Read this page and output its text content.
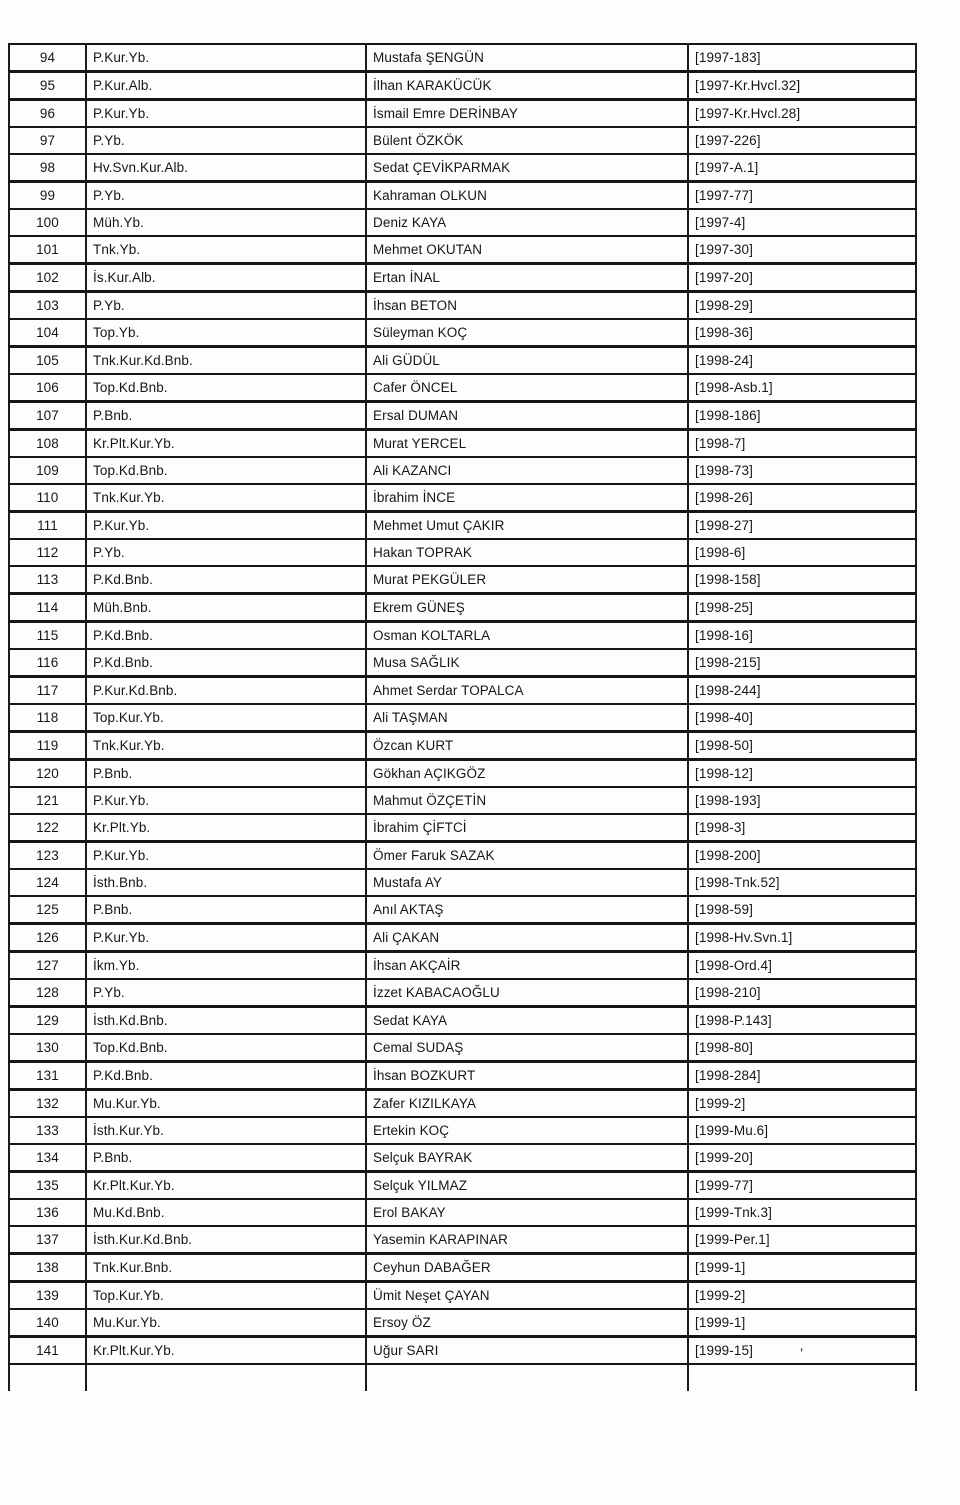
94	P.Kur.Yb.	Mustafa ŞENGÜN	[1997-183]
95	P.Kur.Alb.	İlhan KARAKÜCÜK	[1997-Kr.Hvcl.32]
96	P.Kur.Yb.	İsmail Emre DERİNBAY	[1997-Kr.Hvcl.28]
97	P.Yb.	Bülent ÖZKÖK	[1997-226]
98	Hv.Svn.Kur.Alb.	Sedat ÇEVİKPARMAK	[1997-A.1]
99	P.Yb.	Kahraman OLKUN	[1997-77]
100	Müh.Yb.	Deniz KAYA	[1997-4]
101	Tnk.Yb.	Mehmet OKUTAN	[1997-30]
102	İs.Kur.Alb.	Ertan İNAL	[1997-20]
103	P.Yb.	İhsan BETON	[1998-29]
104	Top.Yb.	Süleyman KOÇ	[1998-36]
105	Tnk.Kur.Kd.Bnb.	Ali GÜDÜL	[1998-24]
106	Top.Kd.Bnb.	Cafer ÖNCEL	[1998-Asb.1]
107	P.Bnb.	Ersal DUMAN	[1998-186]
108	Kr.Plt.Kur.Yb.	Murat YERCEL	[1998-7]
109	Top.Kd.Bnb.	Ali KAZANCI	[1998-73]
110	Tnk.Kur.Yb.	İbrahim İNCE	[1998-26]
111	P.Kur.Yb.	Mehmet Umut ÇAKIR	[1998-27]
112	P.Yb.	Hakan TOPRAK	[1998-6]
113	P.Kd.Bnb.	Murat PEKGÜLER	[1998-158]
114	Müh.Bnb.	Ekrem GÜNEŞ	[1998-25]
115	P.Kd.Bnb.	Osman KOLTARLA	[1998-16]
116	P.Kd.Bnb.	Musa SAĞLIK	[1998-215]
117	P.Kur.Kd.Bnb.	Ahmet Serdar TOPALCA	[1998-244]
118	Top.Kur.Yb.	Ali TAŞMAN	[1998-40]
119	Tnk.Kur.Yb.	Özcan KURT	[1998-50]
120	P.Bnb.	Gökhan AÇIKGÖZ	[1998-12]
121	P.Kur.Yb.	Mahmut ÖZÇETİN	[1998-193]
122	Kr.Plt.Yb.	İbrahim ÇİFTCİ	[1998-3]
123	P.Kur.Yb.	Ömer Faruk SAZAK	[1998-200]
124	İsth.Bnb.	Mustafa AY	[1998-Tnk.52]
125	P.Bnb.	Anıl AKTAŞ	[1998-59]
126	P.Kur.Yb.	Ali ÇAKAN	[1998-Hv.Svn.1]
127	İkm.Yb.	İhsan AKÇAİR	[1998-Ord.4]
128	P.Yb.	İzzet KABACAOĞLU	[1998-210]
129	İsth.Kd.Bnb.	Sedat KAYA	[1998-P.143]
130	Top.Kd.Bnb.	Cemal SUDAŞ	[1998-80]
131	P.Kd.Bnb.	İhsan BOZKURT	[1998-284]
132	Mu.Kur.Yb.	Zafer KIZILKAYA	[1999-2]
133	İsth.Kur.Yb.	Ertekin KOÇ	[1999-Mu.6]
134	P.Bnb.	Selçuk BAYRAK	[1999-20]
135	Kr.Plt.Kur.Yb.	Selçuk YILMAZ	[1999-77]
136	Mu.Kd.Bnb.	Erol BAKAY	[1999-Tnk.3]
137	İsth.Kur.Kd.Bnb.	Yasemin KARAPINAR	[1999-Per.1]
138	Tnk.Kur.Bnb.	Ceyhun DABAĞER	[1999-1]
139	Top.Kur.Yb.	Ümit Neşet ÇAYAN	[1999-2]
140	Mu.Kur.Yb.	Ersoy ÖZ	[1999-1]
141	Kr.Plt.Kur.Yb.	Uğur SARI	[1999-15]
				’
